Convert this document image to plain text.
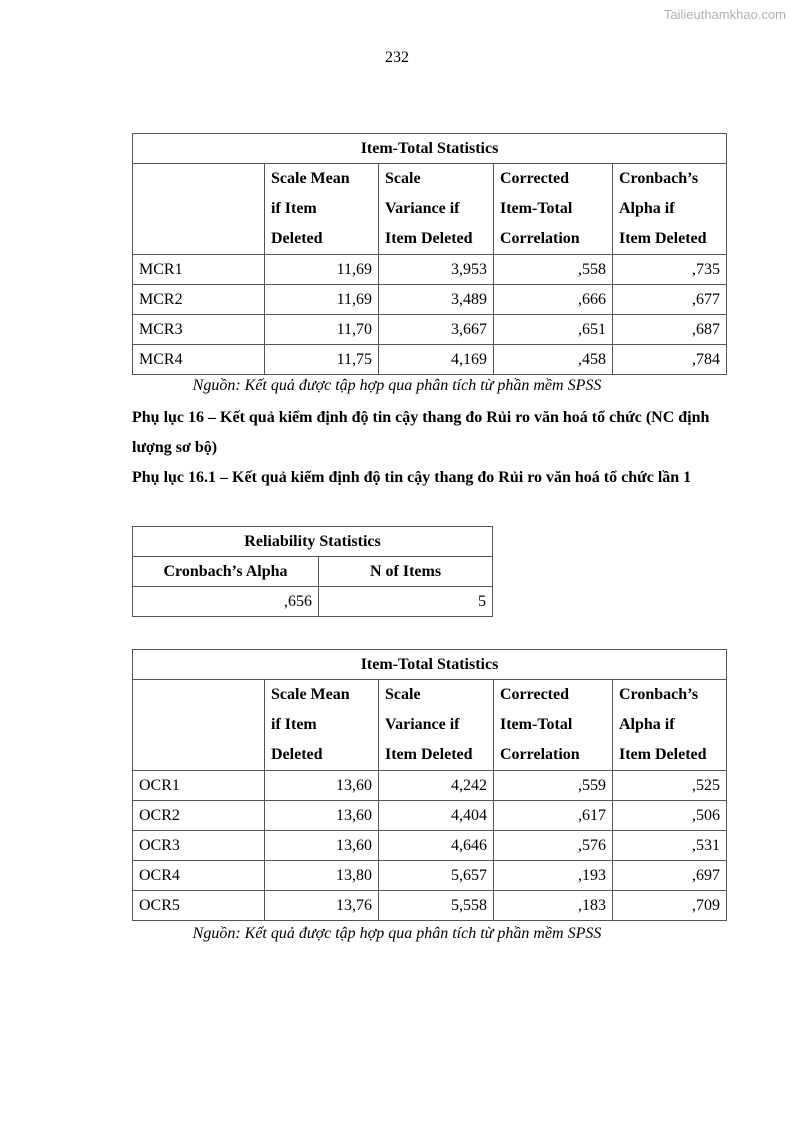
Tailieuthamkhao.com
232
Item-Total Statistics				

	Scale Mean
if Item
Deleted	Scale
Variance if
Item Deleted	Corrected
Item-Total
Correlation	Cronbach’s
Alpha if
Item Deleted

MCR1	11,69	3,953	,558	,735
MCR2	11,69	3,489	,666	,677
MCR3	11,70	3,667	,651	,687
MCR4	11,75	4,169	,458	,784
Nguồn: Kết quả được tập hợp qua phân tích từ phần mềm SPSS
Phụ lục 16 – Kết quả kiểm định độ tin cậy thang đo Rủi ro văn hoá tổ chức (NC định lượng sơ bộ)
Phụ lục 16.1 – Kết quả kiểm định độ tin cậy thang đo Rủi ro văn hoá tổ chức lần 1
Reliability Statistics	
Cronbach’s Alpha	N of Items
,656	5
Item-Total Statistics				

	Scale Mean
if Item
Deleted	Scale
Variance if
Item Deleted	Corrected
Item-Total
Correlation	Cronbach’s
Alpha if
Item Deleted

OCR1	13,60	4,242	,559	,525
OCR2	13,60	4,404	,617	,506
OCR3	13,60	4,646	,576	,531
OCR4	13,80	5,657	,193	,697
OCR5	13,76	5,558	,183	,709
Nguồn: Kết quả được tập hợp qua phân tích từ phần mềm SPSS
